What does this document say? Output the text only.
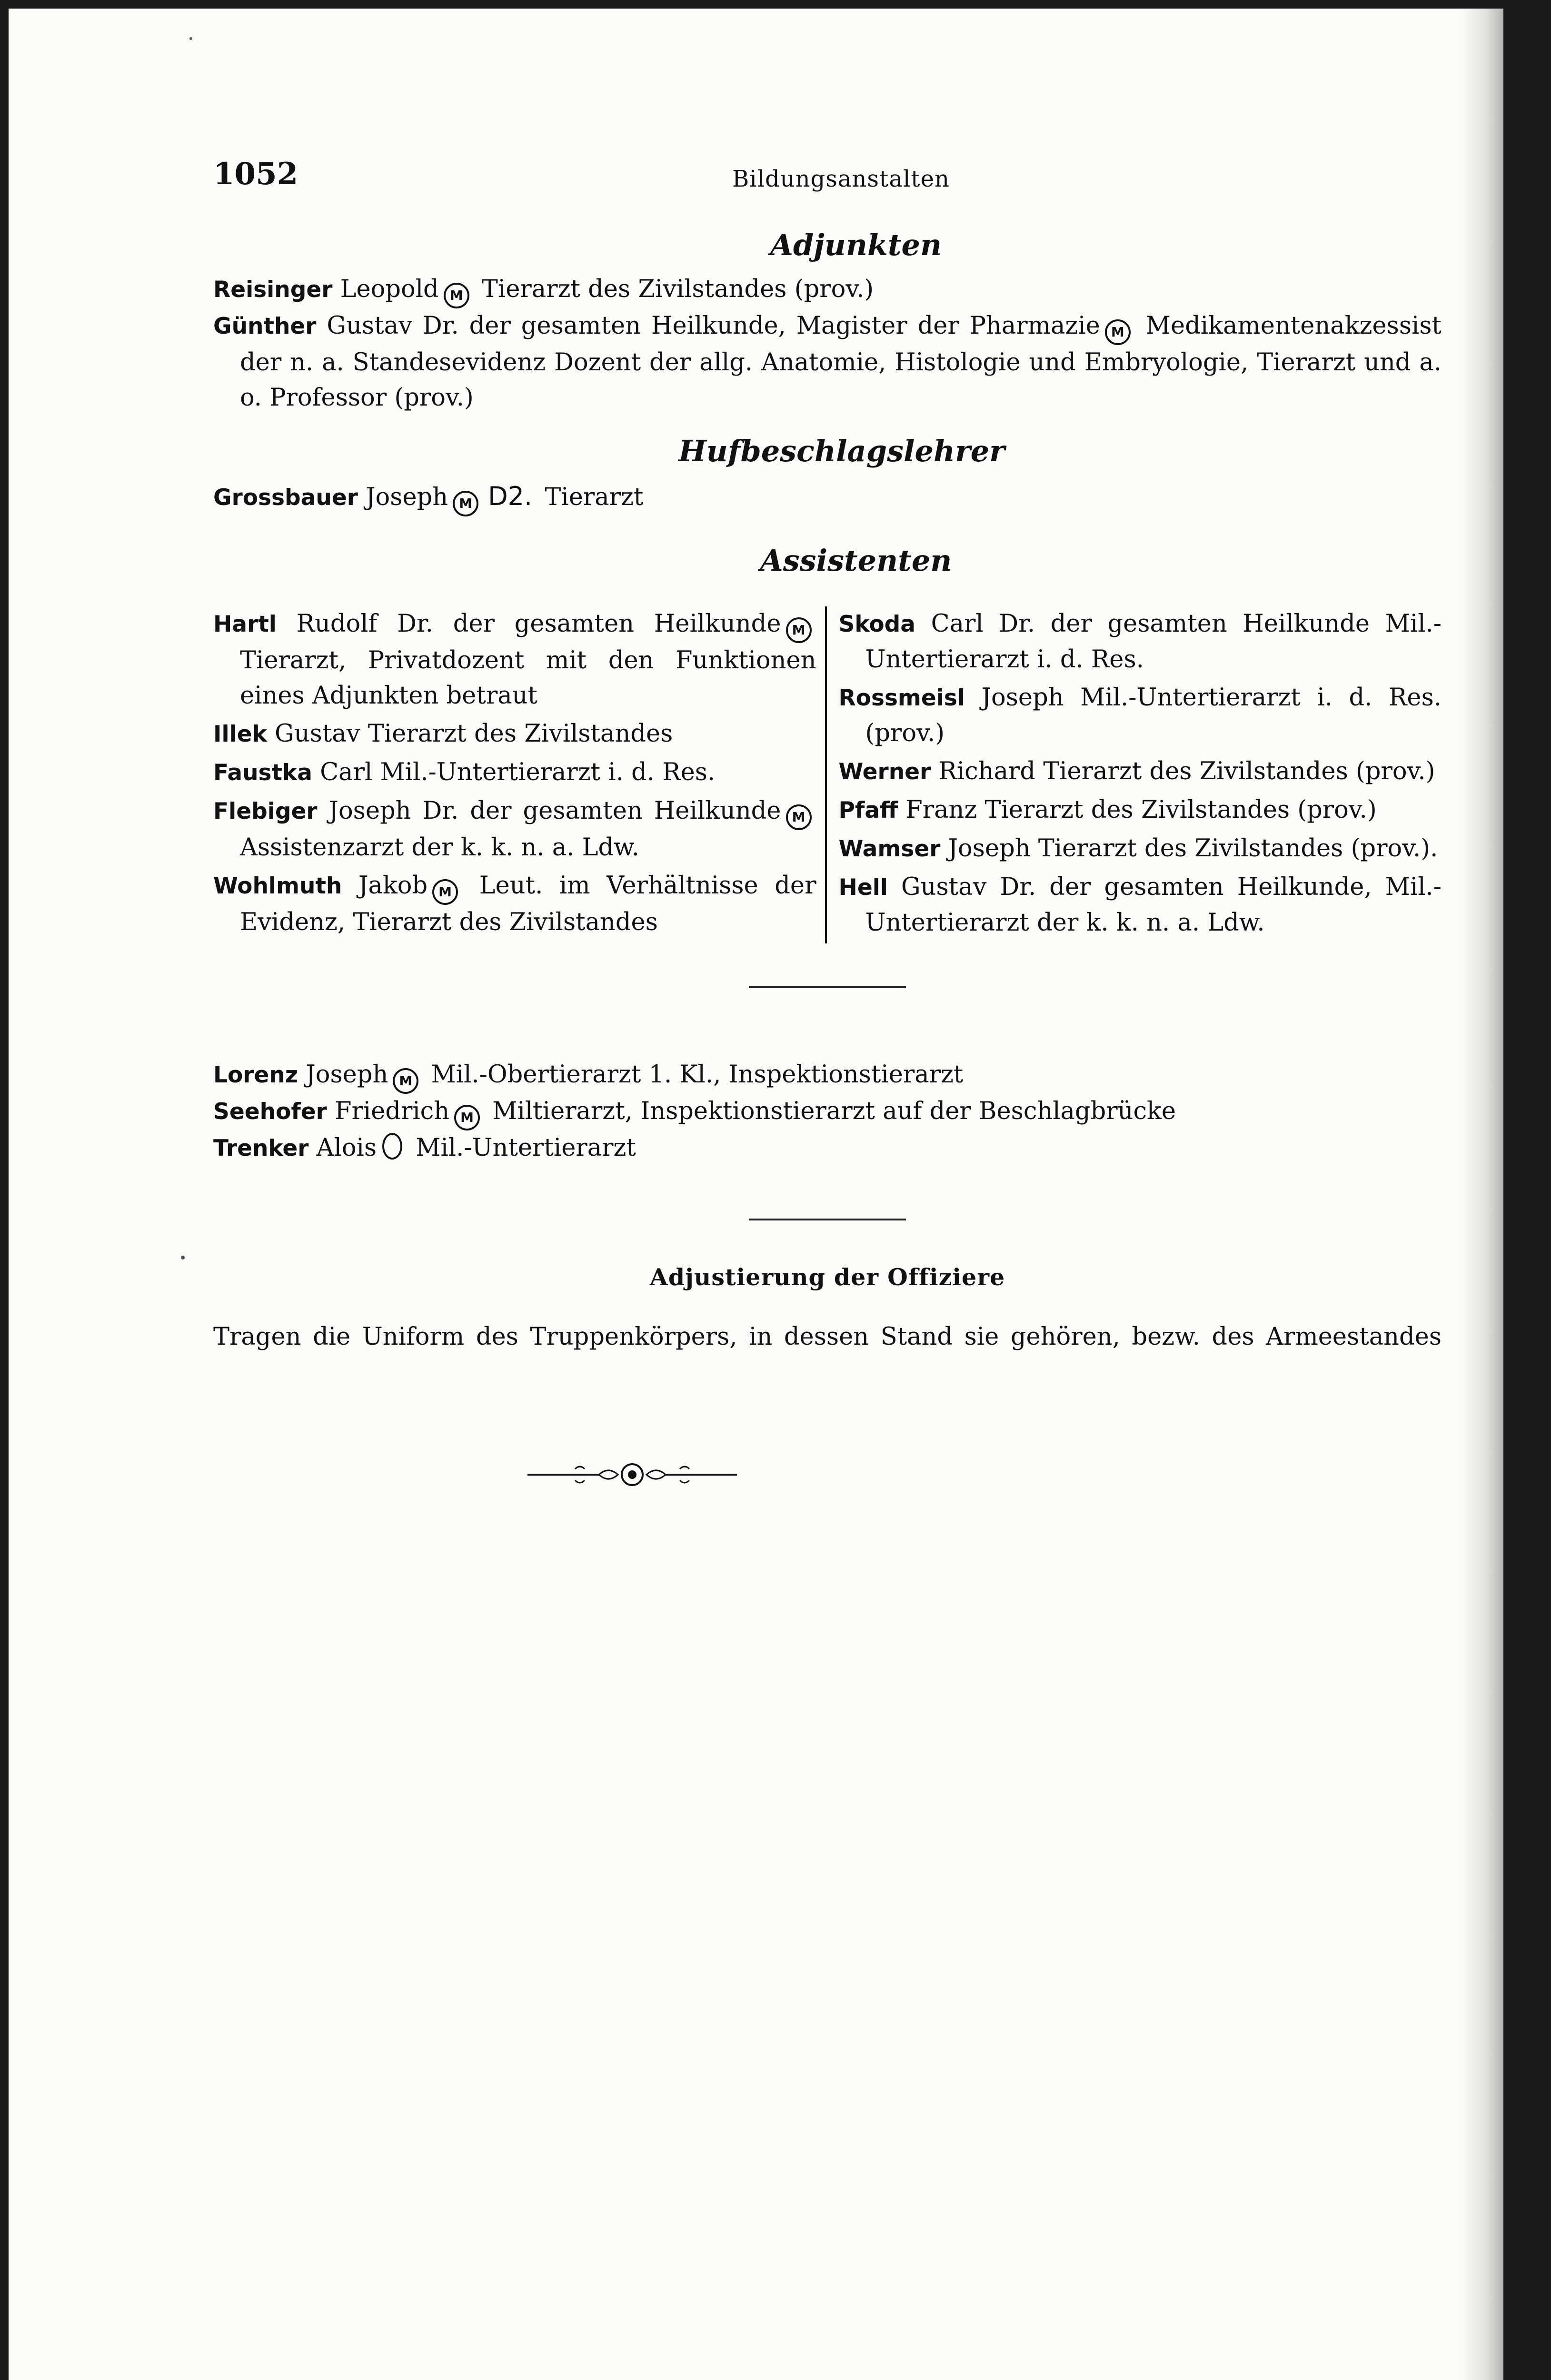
1052	Bildungsanstalten
Adjunkten
Reisinger Leopold M Tierarzt des Zivilstandes (prov.)
Günther Gustav Dr. der gesamten Heilkunde, Magister der Pharmazie M Medikamentenakzessist der n. a. Standesevidenz Dozent der allg. Anatomie, Histologie und Embryologie, Tierarzt und a. o. Professor (prov.)
Hufbeschlagslehrer
Grossbauer Joseph M D2. Tierarzt
Assistenten
Hartl Rudolf Dr. der gesamten Heilkunde M Tierarzt, Privatdozent mit den Funktionen eines Adjunkten betraut
Illek Gustav Tierarzt des Zivilstandes
Faustka Carl Mil.-Untertierarzt i. d. Res.
Flebiger Joseph Dr. der gesamten Heilkunde M Assistenzarzt der k. k. n. a. Ldw.
Wohlmuth Jakob M Leut. im Verhältnisse der Evidenz, Tierarzt des Zivilstandes
Skoda Carl Dr. der gesamten Heilkunde Mil.-Untertierarzt i. d. Res.
Rossmeisl Joseph Mil.-Untertierarzt i. d. Res. (prov.)
Werner Richard Tierarzt des Zivilstandes (prov.)
Pfaff Franz Tierarzt des Zivilstandes (prov.)
Wamser Joseph Tierarzt des Zivilstandes (prov.).
Hell Gustav Dr. der gesamten Heilkunde, Mil.-Untertierarzt der k. k. n. a. Ldw.
Lorenz Joseph M Mil.-Obertierarzt 1. Kl., Inspektionstierarzt
Seehofer Friedrich M Miltierarzt, Inspektionstierarzt auf der Beschlagbrücke
Trenker Alois Mil.-Untertierarzt
Adjustierung der Offiziere
Tragen die Uniform des Truppenkörpers, in dessen Stand sie gehören, bezw. des Armeestandes
